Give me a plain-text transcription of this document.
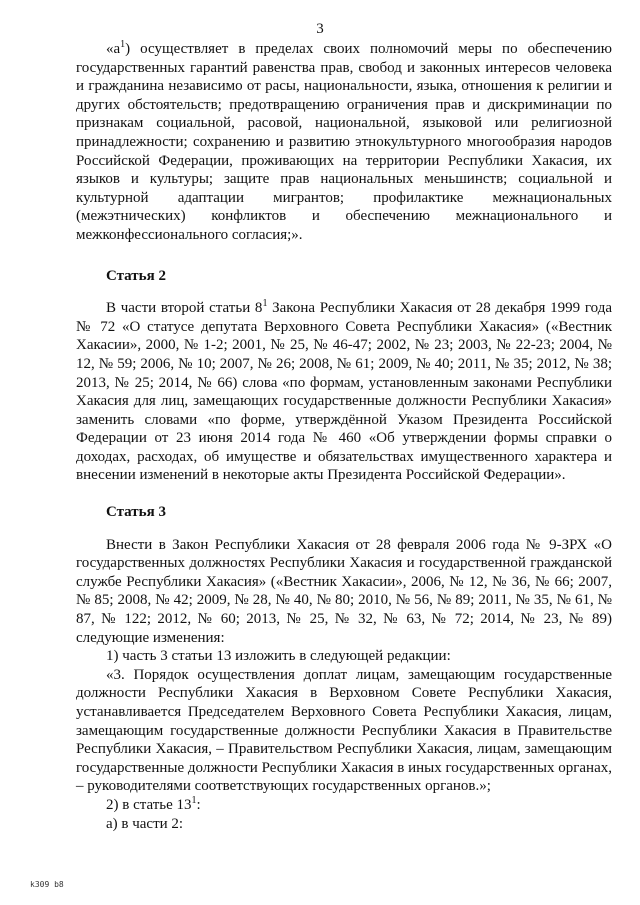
3

«$а^1$) осуществляет в пределах своих полномочий меры по обеспечению государственных гарантий равенства прав, свобод и законных интересов человека и гражданина независимо от расы, национальности, языка, отношения к религии и других обстоятельств; предотвращению ограничения прав и дискриминации по признакам социальной, расовой, национальной, языковой или религиозной принадлежности; сохранению и развитию этнокультурного многообразия народов Российской Федерации, проживающих на территории Республики Хакасия, их языков и культуры; защите прав национальных меньшинств; социальной и культурной адаптации мигрантов; профилактике межнациональных (межэтнических) конфликтов и обеспечению межнационального и межконфессионального согласия;».

Статья 2

В части второй статьи $8^1$ Закона Республики Хакасия от 28 декабря 1999 года № 72 «О статусе депутата Верховного Совета Республики Хакасия» («Вестник Хакасии», 2000, № 1-2; 2001, № 25, № 46-47; 2002, № 23; 2003, № 22-23; 2004, № 12, № 59; 2006, № 10; 2007, № 26; 2008, № 61; 2009, № 40; 2011, № 35; 2012, № 38; 2013, № 25; 2014, № 66) слова «по формам, установленным законами Республики Хакасия для лиц, замещающих государственные должности Республики Хакасия» заменить словами «по форме, утверждённой Указом Президента Российской Федерации от 23 июня 2014 года № 460 «Об утверждении формы справки о доходах, расходах, об имуществе и обязательствах имущественного характера и внесении изменений в некоторые акты Президента Российской Федерации».

Статья 3

Внести в Закон Республики Хакасия от 28 февраля 2006 года № 9-ЗРХ «О государственных должностях Республики Хакасия и государственной гражданской службе Республики Хакасия» («Вестник Хакасии», 2006, № 12, № 36, № 66; 2007, № 85; 2008, № 42; 2009, № 28, № 40, № 80; 2010, № 56, № 89; 2011, № 35, № 61, № 87, № 122; 2012, № 60; 2013, № 25, № 32, № 63, № 72; 2014, № 23, № 89) следующие изменения:

1) часть 3 статьи 13 изложить в следующей редакции:

«3. Порядок осуществления доплат лицам, замещающим государственные должности Республики Хакасия в Верховном Совете Республики Хакасия, устанавливается Председателем Верховного Совета Республики Хакасия, лицам, замещающим государственные должности Республики Хакасия в Правительстве Республики Хакасия, – Правительством Республики Хакасия, лицам, замещающим государственные должности Республики Хакасия в иных государственных органах, – руководителями соответствующих государственных органов.»;

2) в статье $13^1$:

а) в части 2:

k309 b8
